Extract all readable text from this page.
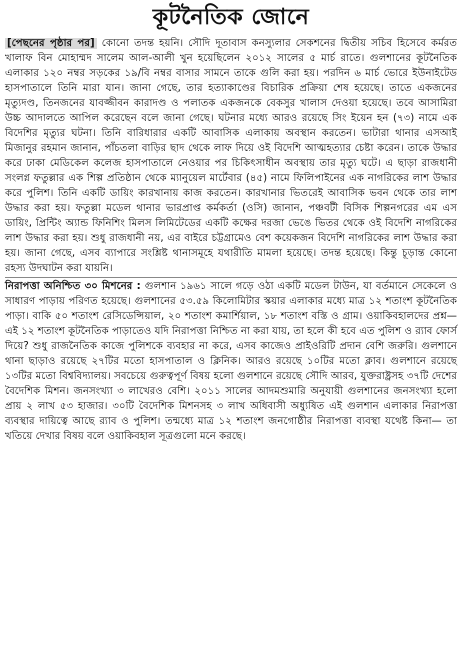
কূটনৈতিক জোনে

[পেছনের পৃষ্ঠার পর] কোনো তদন্ত হয়নি। সৌদি দূতাবাস কনস্যুলার সেকশনের দ্বিতীয় সচিব হিসেবে কর্মরত খালাফ বিন মোহাম্মদ সালেম আল-আলী খুন হয়েছিলেন ২০১২ সালের ৫ মার্চ রাতে। গুলশানের কূটনৈতিক এলাকার ১২০ নম্বর সড়কের ১৯/বি নম্বর বাসার সামনে তাকে গুলি করা হয়। পরদিন ৬ মার্চ ভোরে ইউনাইটেড হাসপাতালে তিনি মারা যান। জানা গেছে, তার হত্যাকাণ্ডের বিচারিক প্রক্রিয়া শেষ হয়েছে। তাতে একজনের মৃত্যুদণ্ড, তিনজনের যাবজ্জীবন কারাদণ্ড ও পলাতক একজনকে বেকসুর খালাস দেওয়া হয়েছে। তবে আসামিরা উচ্চ আদালতে আপিল করেছেন বলে জানা গেছে। ঘটনার মধ্যে আরও রয়েছে সিং ইয়েন হন (৭৩) নামে এক বিদেশির মৃত্যুর ঘটনা। তিনি বারিধারার একটি আবাসিক এলাকায় অবস্থান করতেন। ভাটারা থানার এসআই মিজানুর রহমান জানান, পাঁচতলা বাড়ির ছাদ থেকে লাফ দিয়ে ওই বিদেশি আত্মহত্যার চেষ্টা করেন। তাকে উদ্ধার করে ঢাকা মেডিকেল কলেজ হাসপাতালে নেওয়ার পর চিকিৎসাধীন অবস্থায় তার মৃত্যু ঘটে। এ ছাড়া রাজধানী সংলগ্ন ফতুল্লার এক শিল্প প্রতিষ্ঠান থেকে ম্যানুয়েল মার্টেবার (৪৫) নামে ফিলিপাইনের এক নাগরিকের লাশ উদ্ধার করে পুলিশ। তিনি একটি ডায়িং কারখানায় কাজ করতেন। কারখানার ভিতরেই আবাসিক ভবন থেকে তার লাশ উদ্ধার করা হয়। ফতুল্লা মডেল থানার ভারপ্রাপ্ত কর্মকর্তা (ওসি) জানান, পঞ্চবটী বিসিক শিল্পনগরের এম এস ডায়িং, প্রিন্টিং অ্যান্ড ফিনিশিং মিলস লিমিটেডের একটি কক্ষের দরজা ভেঙে ভিতর থেকে ওই বিদেশি নাগরিকের লাশ উদ্ধার করা হয়। শুধু রাজধানী নয়, এর বাইরে চট্টগ্রামেও বেশ কয়েকজন বিদেশি নাগরিকের লাশ উদ্ধার করা হয়। জানা গেছে, এসব ব্যাপারে সংশ্লিষ্ট থানাসমূহে যথারীতি মামলা হয়েছে। তদন্ত হয়েছে। কিন্তু চূড়ান্ত কোনো রহস্য উদঘাটন করা যায়নি।

নিরাপত্তা অনিশ্চিত ৩০ মিশনের : গুলশান ১৯৬১ সালে গড়ে ওঠা একটি মডেল টাউন, যা বর্তমানে সেকেলে ও সাধারণ পাড়ায় পরিণত হয়েছে। গুলশানের ৫৩.৫৯ কিলোমিটার স্কয়ার এলাকার মধ্যে মাত্র ১২ শতাংশ কূটনৈতিক পাড়া। বাকি ৫০ শতাংশ রেসিডেন্সিয়াল, ২০ শতাংশ কমার্শিয়াল, ১৮ শতাংশ বস্তি ও গ্রাম। ওয়াকিবহালদের প্রশ্ন— এই ১২ শতাংশ কূটনৈতিক পাড়াতেও যদি নিরাপত্তা নিশ্চিত না করা যায়, তা হলে কী হবে এত পুলিশ ও র‍্যাব ফোর্স দিয়ে? শুধু রাজনৈতিক কাজে পুলিশকে ব্যবহার না করে, এসব কাজেও প্রাইওরিটি প্রদান বেশি জরুরি। গুলশানে থানা ছাড়াও রয়েছে ২৭টির মতো হাসপাতাল ও ক্লিনিক। আরও রয়েছে ১০টির মতো ক্লাব। গুলশানে রয়েছে ১৩টির মতো বিশ্ববিদ্যালয়। সবচেয়ে গুরুত্বপূর্ণ বিষয় হলো গুলশানে রয়েছে সৌদি আরব, যুক্তরাষ্ট্রসহ ৩৭টি দেশের বৈদেশিক মিশন। জনসংখ্যা ৩ লাখেরও বেশি। ২০১১ সালের আদমশুমারি অনুযায়ী গুলশানের জনসংখ্যা হলো প্রায় ২ লাখ ৫৩ হাজার। ৩০টি বৈদেশিক মিশনসহ ৩ লাখ অধিবাসী অধ্যুষিত এই গুলশান এলাকার নিরাপত্তা ব্যবস্থার দায়িত্বে আছে র‍্যাব ও পুলিশ। তন্মধ্যে মাত্র ১২ শতাংশ জনগোষ্ঠীর নিরাপত্তা ব্যবস্থা যথেষ্ট কিনা— তা খতিয়ে দেখার বিষয় বলে ওয়াকিবহাল সূত্রগুলো মনে করছে।
